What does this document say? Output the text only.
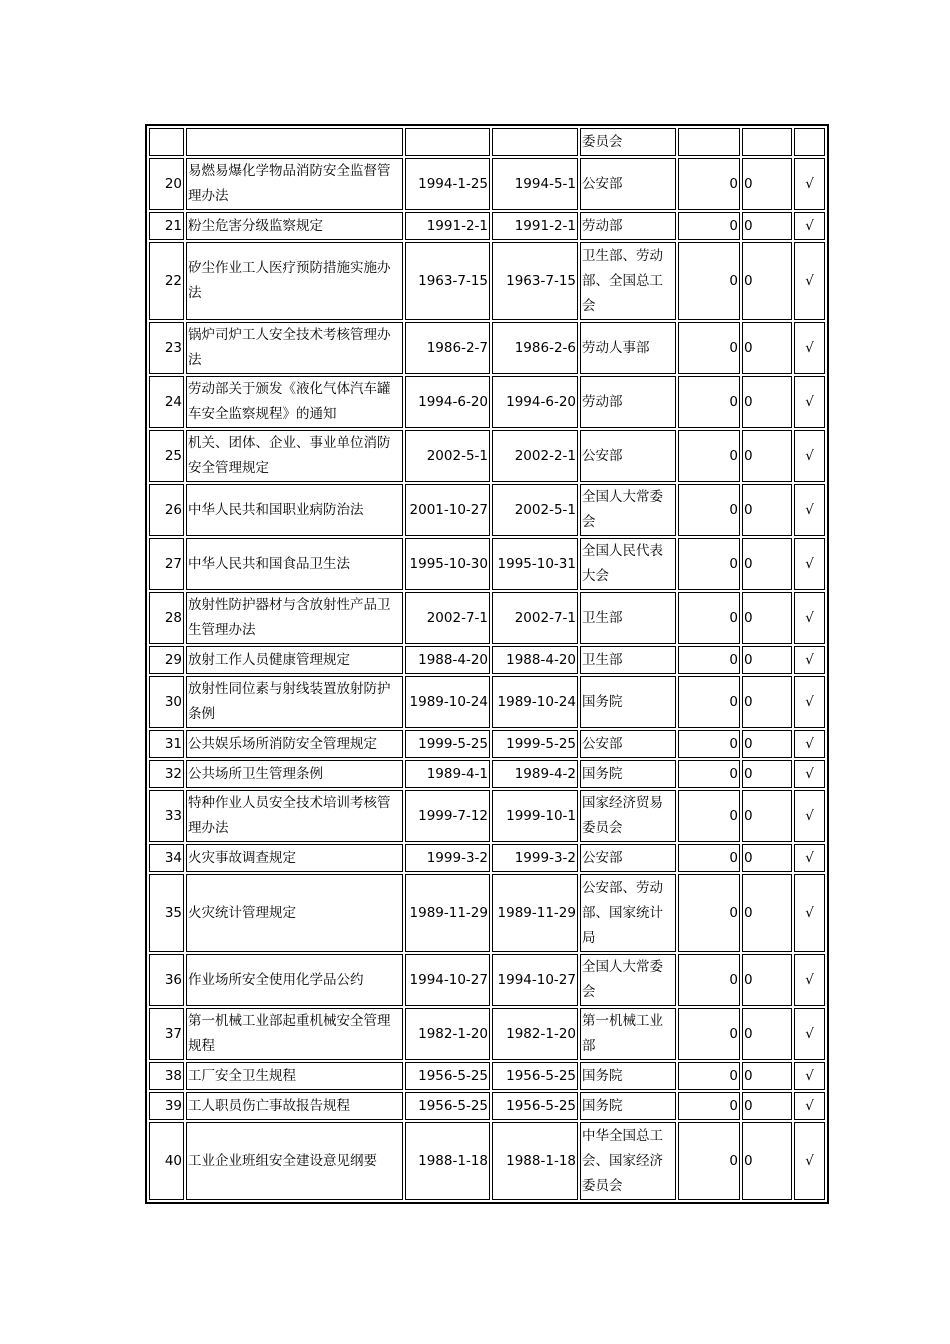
				委员会			
20	易燃易爆化学物品消防安全监督管理办法	1994-1-25	1994-5-1	公安部	0	0	√
21	粉尘危害分级监察规定	1991-2-1	1991-2-1	劳动部	0	0	√
22	矽尘作业工人医疗预防措施实施办法	1963-7-15	1963-7-15	卫生部、劳动部、全国总工会	0	0	√
23	锅炉司炉工人安全技术考核管理办法	1986-2-7	1986-2-6	劳动人事部	0	0	√
24	劳动部关于颁发《液化气体汽车罐车安全监察规程》的通知	1994-6-20	1994-6-20	劳动部	0	0	√
25	机关、团体、企业、事业单位消防安全管理规定	2002-5-1	2002-2-1	公安部	0	0	√
26	中华人民共和国职业病防治法	2001-10-27	2002-5-1	全国人大常委会	0	0	√
27	中华人民共和国食品卫生法	1995-10-30	1995-10-31	全国人民代表大会	0	0	√
28	放射性防护器材与含放射性产品卫生管理办法	2002-7-1	2002-7-1	卫生部	0	0	√
29	放射工作人员健康管理规定	1988-4-20	1988-4-20	卫生部	0	0	√
30	放射性同位素与射线装置放射防护条例	1989-10-24	1989-10-24	国务院	0	0	√
31	公共娱乐场所消防安全管理规定	1999-5-25	1999-5-25	公安部	0	0	√
32	公共场所卫生管理条例	1989-4-1	1989-4-2	国务院	0	0	√
33	特种作业人员安全技术培训考核管理办法	1999-7-12	1999-10-1	国家经济贸易委员会	0	0	√
34	火灾事故调查规定	1999-3-2	1999-3-2	公安部	0	0	√
35	火灾统计管理规定	1989-11-29	1989-11-29	公安部、劳动部、国家统计局	0	0	√
36	作业场所安全使用化学品公约	1994-10-27	1994-10-27	全国人大常委会	0	0	√
37	第一机械工业部起重机械安全管理规程	1982-1-20	1982-1-20	第一机械工业部	0	0	√
38	工厂安全卫生规程	1956-5-25	1956-5-25	国务院	0	0	√
39	工人职员伤亡事故报告规程	1956-5-25	1956-5-25	国务院	0	0	√
40	工业企业班组安全建设意见纲要	1988-1-18	1988-1-18	中华全国总工会、国家经济委员会	0	0	√
